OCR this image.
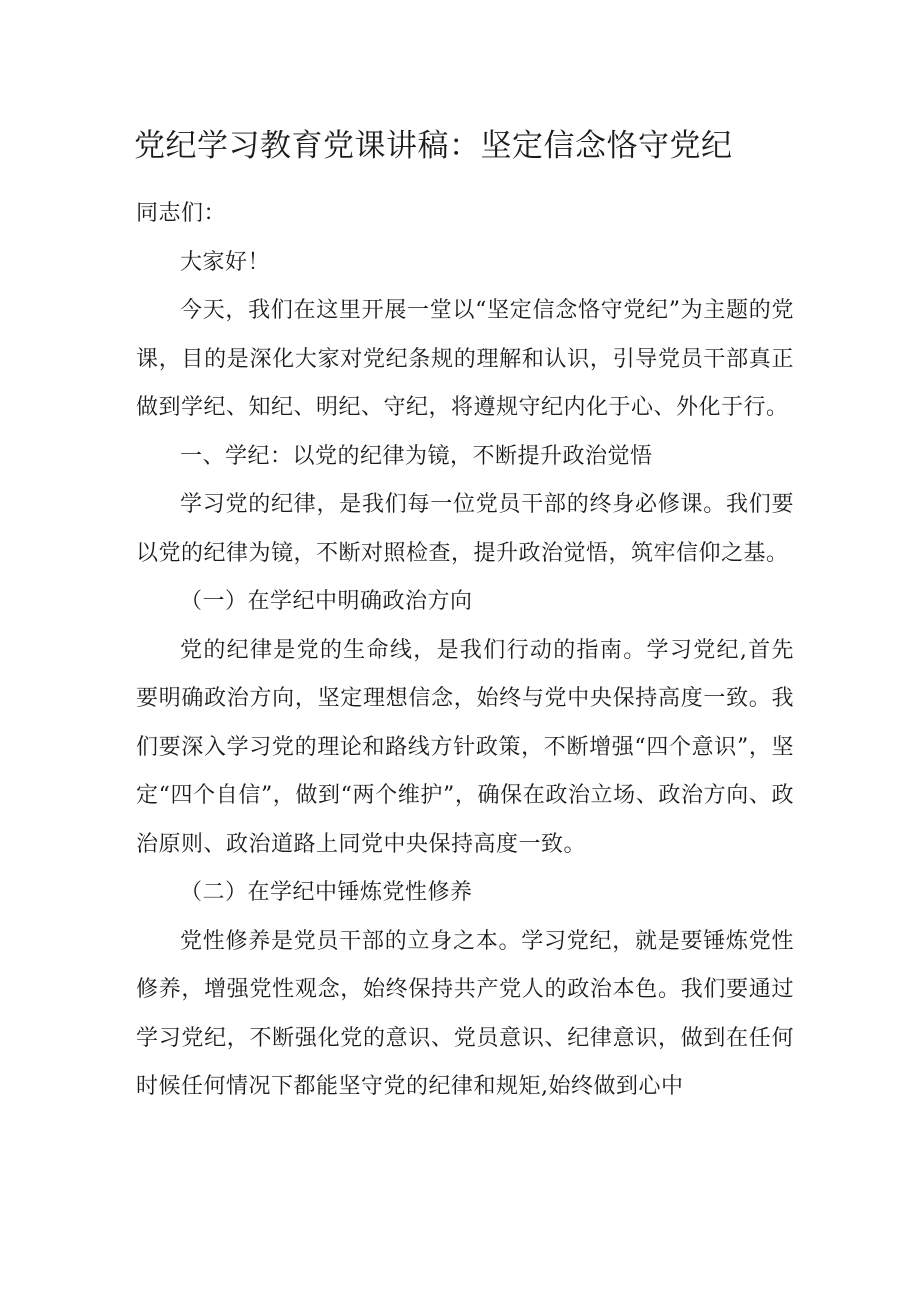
党纪学习教育党课讲稿：坚定信念恪守党纪

同志们：

大家好！

今天，我们在这里开展一堂以“坚定信念恪守党纪”为主题的党课，目的是深化大家对党纪条规的理解和认识，引导党员干部真正做到学纪、知纪、明纪、守纪，将遵规守纪内化于心、外化于行。

一、学纪：以党的纪律为镜，不断提升政治觉悟

学习党的纪律，是我们每一位党员干部的终身必修课。我们要以党的纪律为镜，不断对照检查，提升政治觉悟，筑牢信仰之基。

（一）在学纪中明确政治方向

党的纪律是党的生命线，是我们行动的指南。学习党纪,首先要明确政治方向，坚定理想信念，始终与党中央保持高度一致。我们要深入学习党的理论和路线方针政策，不断增强“四个意识”，坚定“四个自信”，做到“两个维护”，确保在政治立场、政治方向、政治原则、政治道路上同党中央保持高度一致。

（二）在学纪中锤炼党性修养

党性修养是党员干部的立身之本。学习党纪，就是要锤炼党性修养，增强党性观念，始终保持共产党人的政治本色。我们要通过学习党纪，不断强化党的意识、党员意识、纪律意识，做到在任何时候任何情况下都能坚守党的纪律和规矩,始终做到心中
